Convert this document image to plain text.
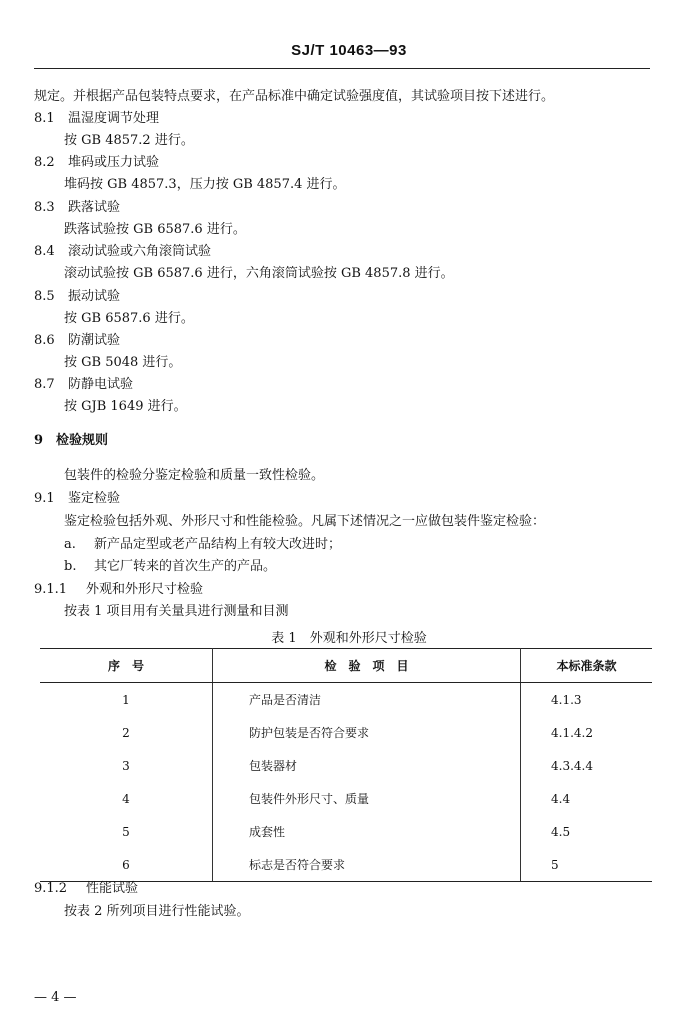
SJ/T 10463—93
规定。并根据产品包装特点要求，在产品标准中确定试验强度值，其试验项目按下述进行。
8.1 温湿度调节处理
按 GB 4857.2 进行。
8.2 堆码或压力试验
堆码按 GB 4857.3，压力按 GB 4857.4 进行。
8.3 跌落试验
跌落试验按 GB 6587.6 进行。
8.4 滚动试验或六角滚筒试验
滚动试验按 GB 6587.6 进行，六角滚筒试验按 GB 4857.8 进行。
8.5 振动试验
按 GB 6587.6 进行。
8.6 防潮试验
按 GB 5048 进行。
8.7 防静电试验
按 GJB 1649 进行。
9 检验规则
包装件的检验分鉴定检验和质量一致性检验。
9.1 鉴定检验
鉴定检验包括外观、外形尺寸和性能检验。凡属下述情况之一应做包装件鉴定检验：
a. 新产品定型或老产品结构上有较大改进时；
b. 其它厂转来的首次生产的产品。
9.1.1 外观和外形尺寸检验
按表 1 项目用有关量具进行测量和目测
表 1　外观和外形尺寸检验
序　号	检　验　项　目	本标准条款
1	产品是否清洁	4.1.3
2	防护包装是否符合要求	4.1.4.2
3	包装器材	4.3.4.4
4	包装件外形尺寸、质量	4.4
5	成套性	4.5
6	标志是否符合要求	5
9.1.2 性能试验
按表 2 所列项目进行性能试验。
— 4 —
